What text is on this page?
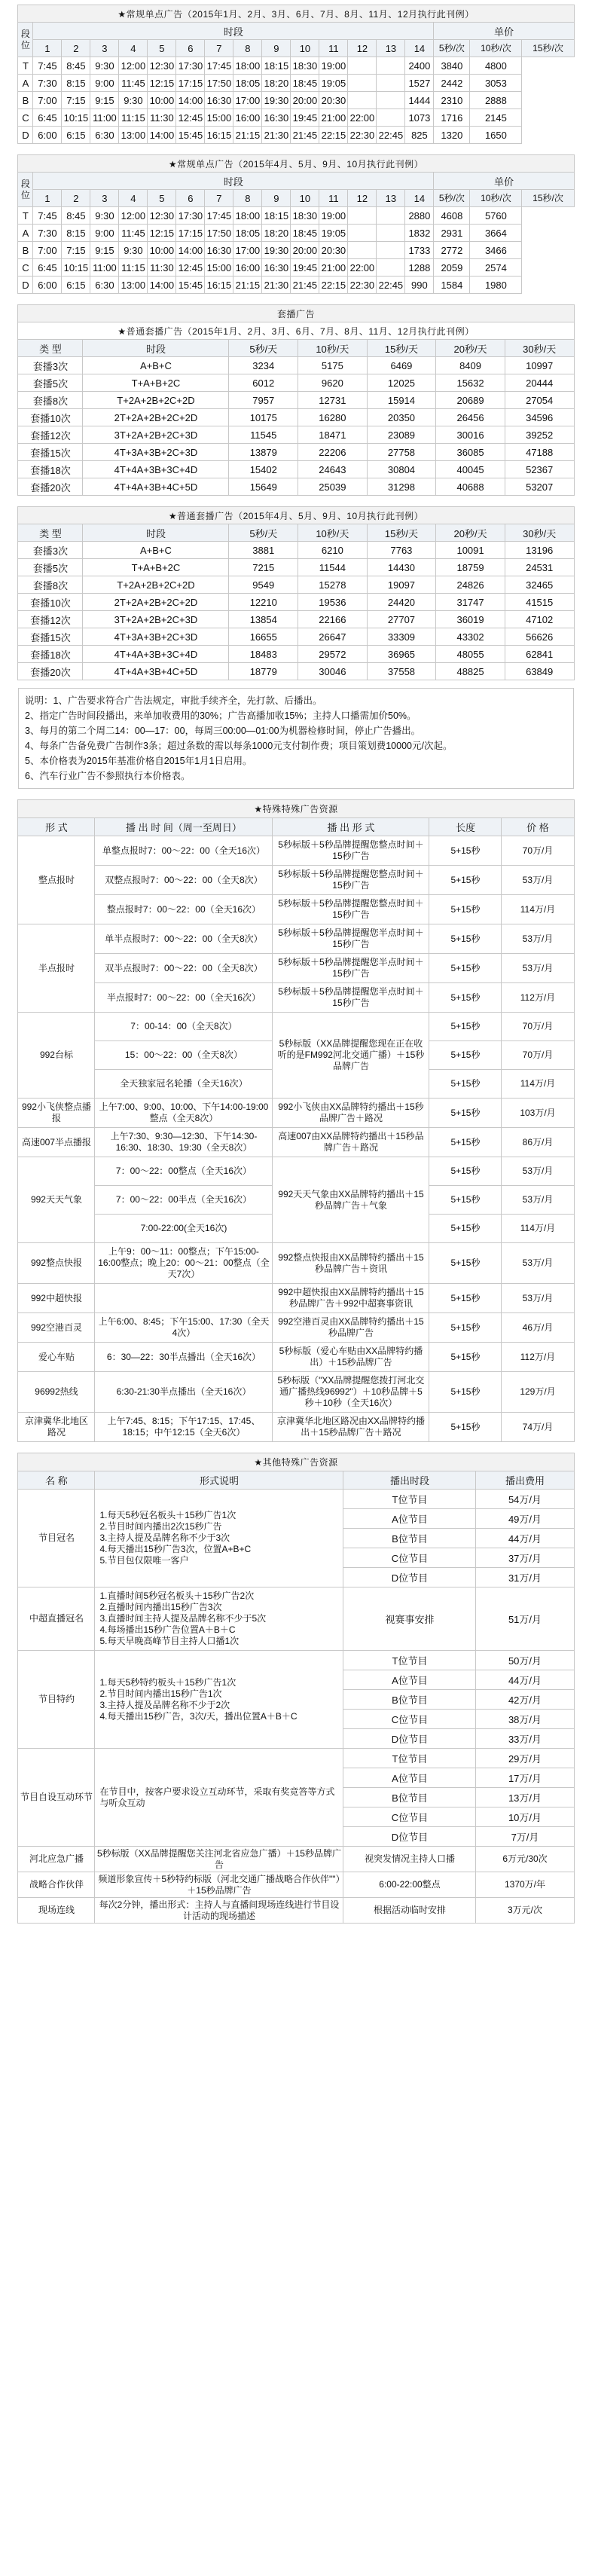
★常规单点广告（2015年1月、2月、3月、6月、7月、8月、11月、12月执行此刊例）																	
段位	时段														单价		
	1	2	3	4	5	6	7	8	9	10	11	12	13	14	5秒/次	10秒/次	15秒/次
T	7:45	8:45	9:30	12:00	12:30	17:30	17:45	18:00	18:15	18:30	19:00			2400	3840	4800	
A	7:30	8:15	9:00	11:45	12:15	17:15	17:50	18:05	18:20	18:45	19:05			1527	2442	3053	
B	7:00	7:15	9:15	9:30	10:00	14:00	16:30	17:00	19:30	20:00	20:30			1444	2310	2888	
C	6:45	10:15	11:00	11:15	11:30	12:45	15:00	16:00	16:30	19:45	21:00	22:00		1073	1716	2145	
D	6:00	6:15	6:30	13:00	14:00	15:45	16:15	21:15	21:30	21:45	22:15	22:30	22:45	825	1320	1650	
★常规单点广告（2015年4月、5月、9月、10月执行此刊例）																	
段位	时段														单价		
	1	2	3	4	5	6	7	8	9	10	11	12	13	14	5秒/次	10秒/次	15秒/次
T	7:45	8:45	9:30	12:00	12:30	17:30	17:45	18:00	18:15	18:30	19:00			2880	4608	5760	
A	7:30	8:15	9:00	11:45	12:15	17:15	17:50	18:05	18:20	18:45	19:05			1832	2931	3664	
B	7:00	7:15	9:15	9:30	10:00	14:00	16:30	17:00	19:30	20:00	20:30			1733	2772	3466	
C	6:45	10:15	11:00	11:15	11:30	12:45	15:00	16:00	16:30	19:45	21:00	22:00		1288	2059	2574	
D	6:00	6:15	6:30	13:00	14:00	15:45	16:15	21:15	21:30	21:45	22:15	22:30	22:45	990	1584	1980	
套播广告						
★普通套播广告（2015年1月、2月、3月、6月、7月、8月、11月、12月执行此刊例）						
类 型	时段	5秒/天	10秒/天	15秒/天	20秒/天	30秒/天
套播3次	A+B+C	3234	5175	6469	8409	10997
套播5次	T+A+B+2C	6012	9620	12025	15632	20444
套播8次	T+2A+2B+2C+2D	7957	12731	15914	20689	27054
套播10次	2T+2A+2B+2C+2D	10175	16280	20350	26456	34596
套播12次	3T+2A+2B+2C+3D	11545	18471	23089	30016	39252
套播15次	4T+3A+3B+2C+3D	13879	22206	27758	36085	47188
套播18次	4T+4A+3B+3C+4D	15402	24643	30804	40045	52367
套播20次	4T+4A+3B+4C+5D	15649	25039	31298	40688	53207
★普通套播广告（2015年4月、5月、9月、10月执行此刊例）						
类 型	时段	5秒/天	10秒/天	15秒/天	20秒/天	30秒/天
套播3次	A+B+C	3881	6210	7763	10091	13196
套播5次	T+A+B+2C	7215	11544	14430	18759	24531
套播8次	T+2A+2B+2C+2D	9549	15278	19097	24826	32465
套播10次	2T+2A+2B+2C+2D	12210	19536	24420	31747	41515
套播12次	3T+2A+2B+2C+3D	13854	22166	27707	36019	47102
套播15次	4T+3A+3B+2C+3D	16655	26647	33309	43302	56626
套播18次	4T+4A+3B+3C+4D	18483	29572	36965	48055	62841
套播20次	4T+4A+3B+4C+5D	18779	30046	37558	48825	63849
说明：1、广告要求符合广告法规定，审批手续齐全，先打款、后播出。
2、指定广告时间段播出，来单加收费用的30%；广告高播加收15%；主持人口播需加价50%。
3、每月的第二个周二14：00—17：00，每周三00:00—01:00为机器检修时间，停止广告播出。
4、每条广告备免费广告制作3条；超过条数的需以每条1000元支付制作费；项目策划费10000元/次起。
5、本价格表为2015年基准价格自2015年1月1日启用。
6、汽车行业广告不参照执行本价格表。
★特殊特殊广告资源				
形 式	播 出 时 间（周一至周日）	播 出 形 式	长度	价 格
整点报时	单整点报时7：00～22：00（全天16次）	5秒标版＋5秒品牌提醒您整点时间＋15秒广告	5+15秒	70万/月
	双整点报时7：00～22：00（全天8次）	5秒标版＋5秒品牌提醒您整点时间＋15秒广告	5+15秒	53万/月
	整点报时7：00～22：00（全天16次）	5秒标版＋5秒品牌提醒您整点时间＋15秒广告	5+15秒	114万/月
半点报时	单半点报时7：00～22：00（全天8次）	5秒标版＋5秒品牌提醒您半点时间＋15秒广告	5+15秒	53万/月
	双半点报时7：00～22：00（全天8次）	5秒标版＋5秒品牌提醒您半点时间＋15秒广告	5+15秒	53万/月
	半点报时7：00～22：00（全天16次）	5秒标版＋5秒品牌提醒您半点时间＋15秒广告	5+15秒	112万/月
992台标	7：00-14：00（全天8次）	5秒标版（XX品牌提醒您现在正在收听的是FM992河北交通广播）＋15秒品牌广告	5+15秒	70万/月
	15：00～22：00（全天8次）		5+15秒	70万/月
	全天独家冠名轮播（全天16次）		5+15秒	114万/月
992小飞侠整点播报	上午7:00、9:00、10:00、下午14:00-19:00整点（全天8次）	992小飞侠由XX品牌特约播出＋15秒品牌广告＋路况	5+15秒	103万/月
高速007半点播报	上午7:30、9:30—12:30、下午14:30-16:30、18:30、19:30（全天8次）	高速007由XX品牌特约播出＋15秒品牌广告＋路况	5+15秒	86万/月
992天天气象	7：00～22：00整点（全天16次）	992天天气象由XX品牌特约播出＋15秒品牌广告＋气象	5+15秒	53万/月
	7：00～22：00半点（全天16次）		5+15秒	53万/月
	7:00-22:00(全天16次)		5+15秒	114万/月
992整点快报	上午9：00～11：00整点；下午15:00-16:00整点；晚上20：00～21：00整点（全天7次）	992整点快报由XX品牌特约播出＋15秒品牌广告＋资讯	5+15秒	53万/月
992中超快报		992中超快报由XX品牌特约播出＋15秒品牌广告＋992中超赛事资讯	5+15秒	53万/月
992空港百灵	上午6:00、8:45；下午15:00、17:30（全天4次）	992空港百灵由XX品牌特约播出＋15秒品牌广告	5+15秒	46万/月
爱心车贴	6：30—22：30半点播出（全天16次）	5秒标版（爱心车贴由XX品牌特约播出）＋15秒品牌广告	5+15秒	112万/月
96992热线	6:30-21:30半点播出（全天16次）	5秒标版（"XX品牌提醒您拨打河北交通广播热线96992"）＋10秒品牌＋5秒＋10秒（全天16次）	5+15秒	129万/月
京津冀华北地区路况	上午7:45、8:15；下午17:15、17:45、18:15；中午12:15（全天6次）	京津冀华北地区路况由XX品牌特约播出＋15秒品牌广告＋路况	5+15秒	74万/月
★其他特殊广告资源			
名 称	形式说明	播出时段	播出费用
节目冠名	1.每天5秒冠名板头＋15秒广告1次
2.节目时间内播出2次15秒广告
3.主持人提及品牌名称不少于3次
4.每天播出15秒广告3次，位置A+B+C
5.节目包仅限唯一客户	T位节目	54万/月
		A位节目	49万/月
		B位节目	44万/月
		C位节目	37万/月
		D位节目	31万/月
中超直播冠名	1.直播时间5秒冠名板头＋15秒广告2次
2.直播时间内播出15秒广告3次
3.直播时间主持人提及品牌名称不少于5次
4.每场播出15秒广告位置A＋B＋C
5.每天早晚高峰节目主持人口播1次	视赛事安排	51万/月
节目特约	1.每天5秒特约板头＋15秒广告1次
2.节目时间内播出15秒广告1次
3.主持人提及品牌名称不少于2次
4.每天播出15秒广告，3次/天，播出位置A＋B＋C	T位节目	50万/月
		A位节目	44万/月
		B位节目	42万/月
		C位节目	38万/月
		D位节目	33万/月
节目自设互动环节	在节目中，按客户要求设立互动环节，采取有奖竞答等方式与听众互动	T位节目	29万/月
		A位节目	17万/月
		B位节目	13万/月
		C位节目	10万/月
		D位节目	7万/月
河北应急广播	5秒标版（XX品牌提醒您关注河北省应急广播）＋15秒品牌广告	视突发情况主持人口播	6万元/30次
战略合作伙伴	频道形象宣传＋5秒特约标版（河北交通广播战略合作伙伴""）＋15秒品牌广告	6:00-22:00整点	1370万/年
现场连线	每次2分钟，播出形式：主持人与直播间现场连线进行节目设计活动的现场描述	根据活动临时安排	3万元/次
